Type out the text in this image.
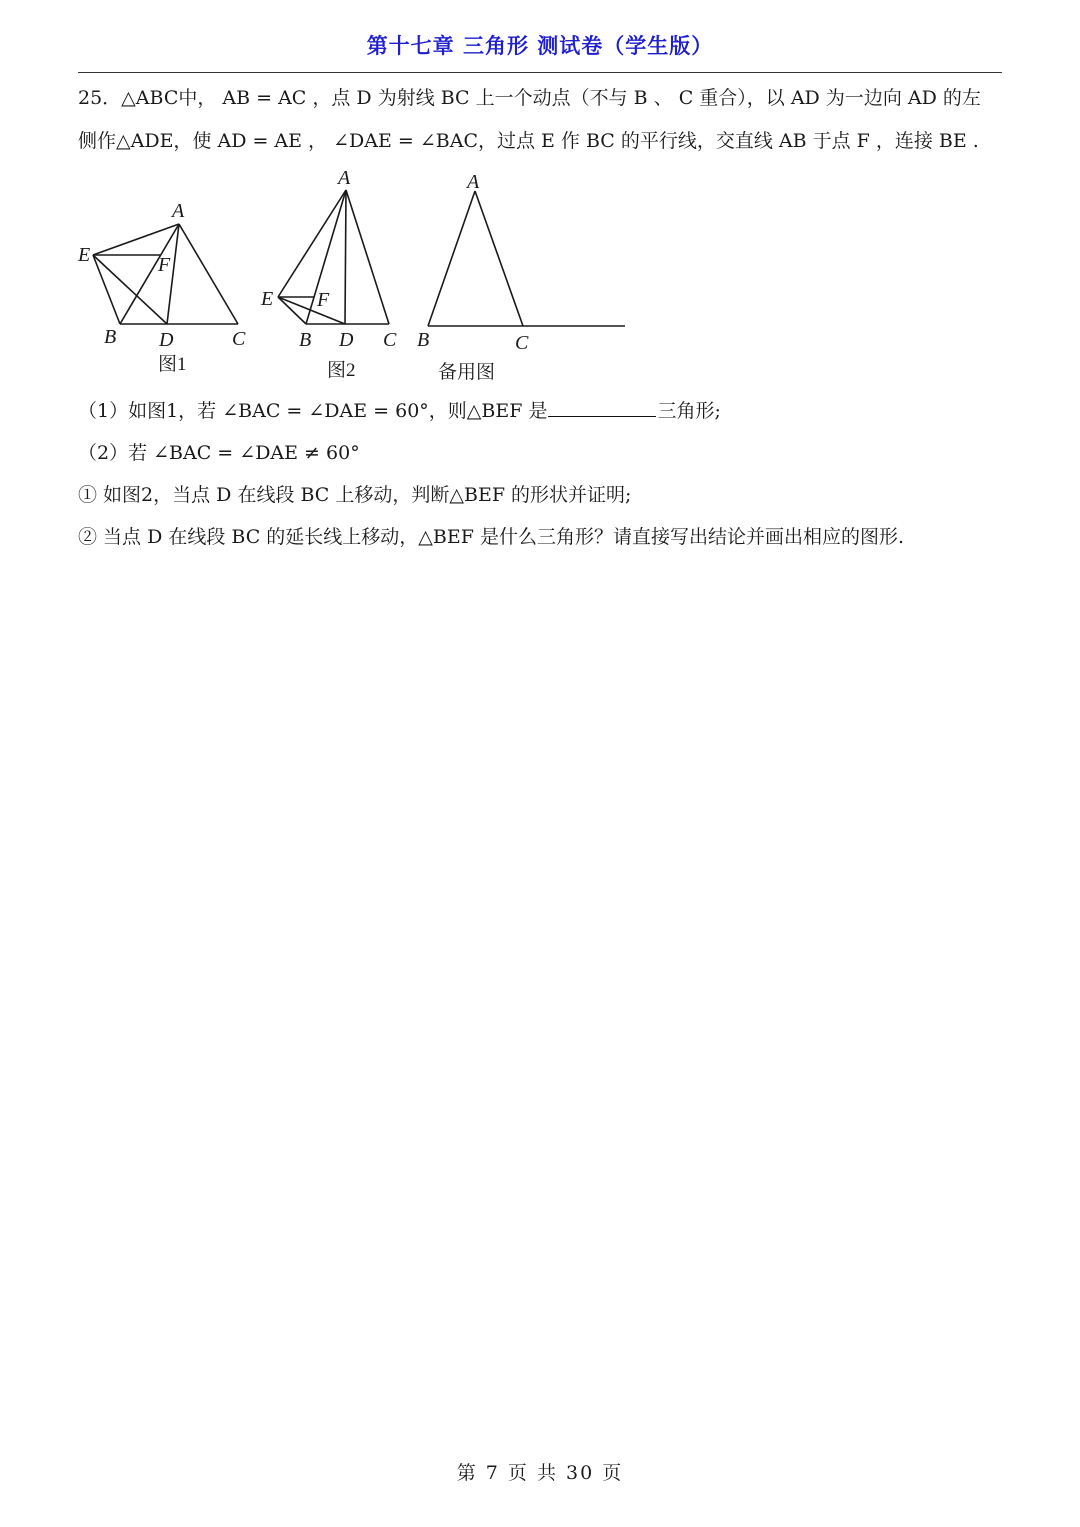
第十七章 三角形 测试卷（学生版）
25．△ABC中， AB = AC ，点 D 为射线 BC 上一个动点（不与 B 、 C 重合），以 AD 为一边向 AD 的左
侧作△ADE，使 AD = AE ， ∠DAE = ∠BAC，过点 E 作 BC 的平行线，交直线 AB 于点 F ，连接 BE .
A
E	F
B D	C
A
E F
B D C
A
B	C
图1	图2	备用图
（1）如图1，若 ∠BAC = ∠DAE = 60°，则△BEF 是	三角形;
（2）若 ∠BAC = ∠DAE ≠ 60°
① 如图2，当点 D 在线段 BC 上移动，判断△BEF 的形状并证明;
② 当点 D 在线段 BC 的延长线上移动，△BEF 是什么三角形？请直接写出结论并画出相应的图形.
第 7 页 共 30 页
